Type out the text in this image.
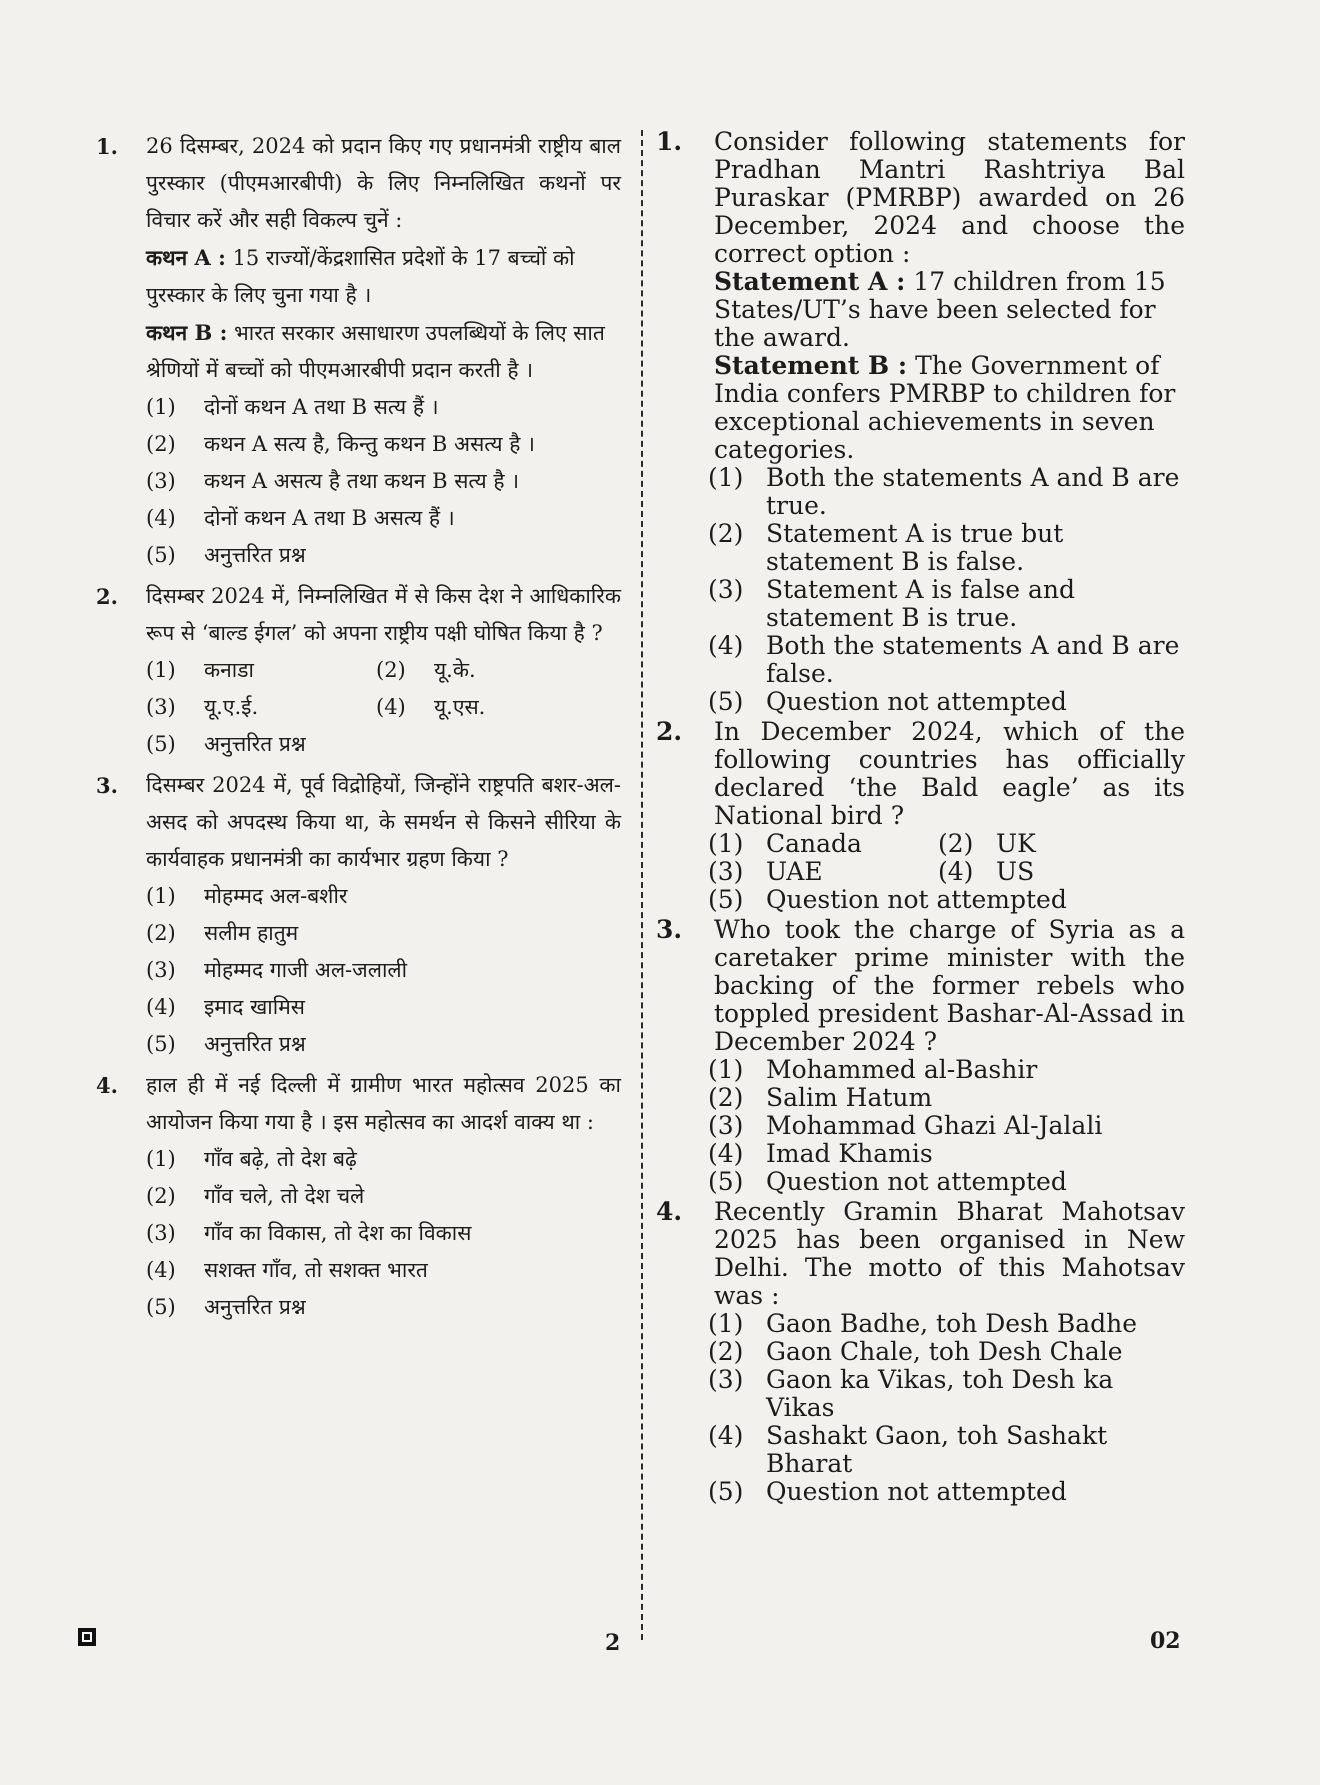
1. 26 दिसम्बर, 2024 को प्रदान किए गए प्रधानमंत्री राष्ट्रीय बाल पुरस्कार (पीएमआरबीपी) के लिए निम्नलिखित कथनों पर विचार करें और सही विकल्प चुनें :
कथन A : 15 राज्यों/केंद्रशासित प्रदेशों के 17 बच्चों को पुरस्कार के लिए चुना गया है ।
कथन B : भारत सरकार असाधारण उपलब्धियों के लिए सात श्रेणियों में बच्चों को पीएमआरबीपी प्रदान करती है ।
(1)	दोनों कथन A तथा B सत्य हैं ।
(2)	कथन A सत्य है, किन्तु कथन B असत्य है ।
(3)	कथन A असत्य है तथा कथन B सत्य है ।
(4)	दोनों कथन A तथा B असत्य हैं ।
(5)	अनुत्तरित प्रश्न
2. दिसम्बर 2024 में, निम्नलिखित में से किस देश ने आधिकारिक रूप से ‘बाल्ड ईगल’ को अपना राष्ट्रीय पक्षी घोषित किया है ?
(1)	कनाडा	(2)	यू.के.
(3)	यू.ए.ई.	(4)	यू.एस.
(5)	अनुत्तरित प्रश्न
3. दिसम्बर 2024 में, पूर्व विद्रोहियों, जिन्होंने राष्ट्रपति बशर-अल-असद को अपदस्थ किया था, के समर्थन से किसने सीरिया के कार्यवाहक प्रधानमंत्री का कार्यभार ग्रहण किया ?
(1)	मोहम्मद अल-बशीर
(2)	सलीम हातुम
(3)	मोहम्मद गाजी अल-जलाली
(4)	इमाद खामिस
(5)	अनुत्तरित प्रश्न
4. हाल ही में नई दिल्ली में ग्रामीण भारत महोत्सव 2025 का आयोजन किया गया है । इस महोत्सव का आदर्श वाक्य था :
(1)	गाँव बढ़े, तो देश बढ़े
(2)	गाँव चले, तो देश चले
(3)	गाँव का विकास, तो देश का विकास
(4)	सशक्त गाँव, तो सशक्त भारत
(5)	अनुत्तरित प्रश्न
1. Consider following statements for Pradhan Mantri Rashtriya Bal Puraskar (PMRBP) awarded on 26 December, 2024 and choose the correct option :
Statement A : 17 children from 15 States/UT’s have been selected for the award.
Statement B : The Government of India confers PMRBP to children for exceptional achievements in seven categories.
(1) Both the statements A and B are true.
(2) Statement A is true but statement B is false.
(3) Statement A is false and statement B is true.
(4) Both the statements A and B are false.
(5) Question not attempted
2. In December 2024, which of the following countries has officially declared ‘the Bald eagle’ as its National bird ?
(1) Canada	(2) UK
(3) UAE	(4) US
(5) Question not attempted
3. Who took the charge of Syria as a caretaker prime minister with the backing of the former rebels who toppled president Bashar-Al-Assad in December 2024 ?
(1) Mohammed al-Bashir
(2) Salim Hatum
(3) Mohammad Ghazi Al-Jalali
(4) Imad Khamis
(5) Question not attempted
4. Recently Gramin Bharat Mahotsav 2025 has been organised in New Delhi. The motto of this Mahotsav was :
(1) Gaon Badhe, toh Desh Badhe
(2) Gaon Chale, toh Desh Chale
(3) Gaon ka Vikas, toh Desh ka Vikas
(4) Sashakt Gaon, toh Sashakt Bharat
(5) Question not attempted
2	02
